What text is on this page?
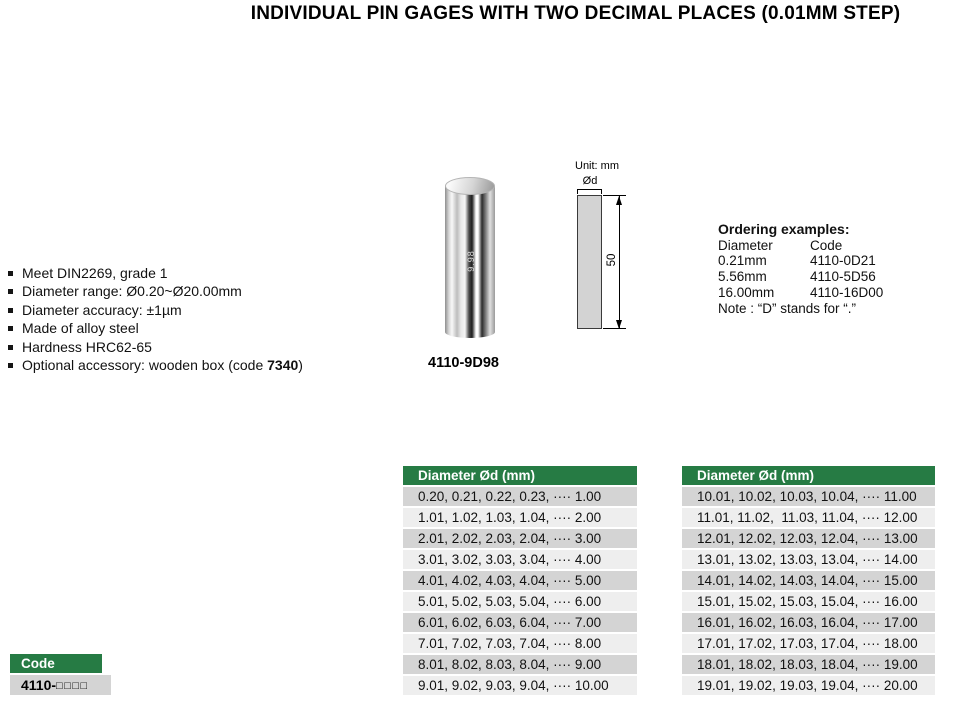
INDIVIDUAL PIN GAGES WITH TWO DECIMAL PLACES (0.01MM STEP)
Meet DIN2269, grade 1
Diameter range: Ø0.20~Ø20.00mm
Diameter accuracy: ±1µm
Made of alloy steel
Hardness HRC62-65
Optional accessory: wooden box (code 7340)
9.98
4110-9D98
Unit: mm
Ød
50
Ordering examples:
Diameter	Code
0.21mm	4110-0D21
5.56mm	4110-5D56
16.00mm	4110-16D00
Note : “D” stands for “.”
Diameter Ød (mm)
0.20, 0.21, 0.22, 0.23, ···· 1.00
1.01, 1.02, 1.03, 1.04, ···· 2.00
2.01, 2.02, 2.03, 2.04, ···· 3.00
3.01, 3.02, 3.03, 3.04, ···· 4.00
4.01, 4.02, 4.03, 4.04, ···· 5.00
5.01, 5.02, 5.03, 5.04, ···· 6.00
6.01, 6.02, 6.03, 6.04, ···· 7.00
7.01, 7.02, 7.03, 7.04, ···· 8.00
8.01, 8.02, 8.03, 8.04, ···· 9.00
9.01, 9.02, 9.03, 9.04, ···· 10.00
Diameter Ød (mm)
10.01, 10.02, 10.03, 10.04, ···· 11.00
11.01, 11.02,  11.03, 11.04, ···· 12.00
12.01, 12.02, 12.03, 12.04, ···· 13.00
13.01, 13.02, 13.03, 13.04, ···· 14.00
14.01, 14.02, 14.03, 14.04, ···· 15.00
15.01, 15.02, 15.03, 15.04, ···· 16.00
16.01, 16.02, 16.03, 16.04, ···· 17.00
17.01, 17.02, 17.03, 17.04, ···· 18.00
18.01, 18.02, 18.03, 18.04, ···· 19.00
19.01, 19.02, 19.03, 19.04, ···· 20.00
Code
4110-□□□□
